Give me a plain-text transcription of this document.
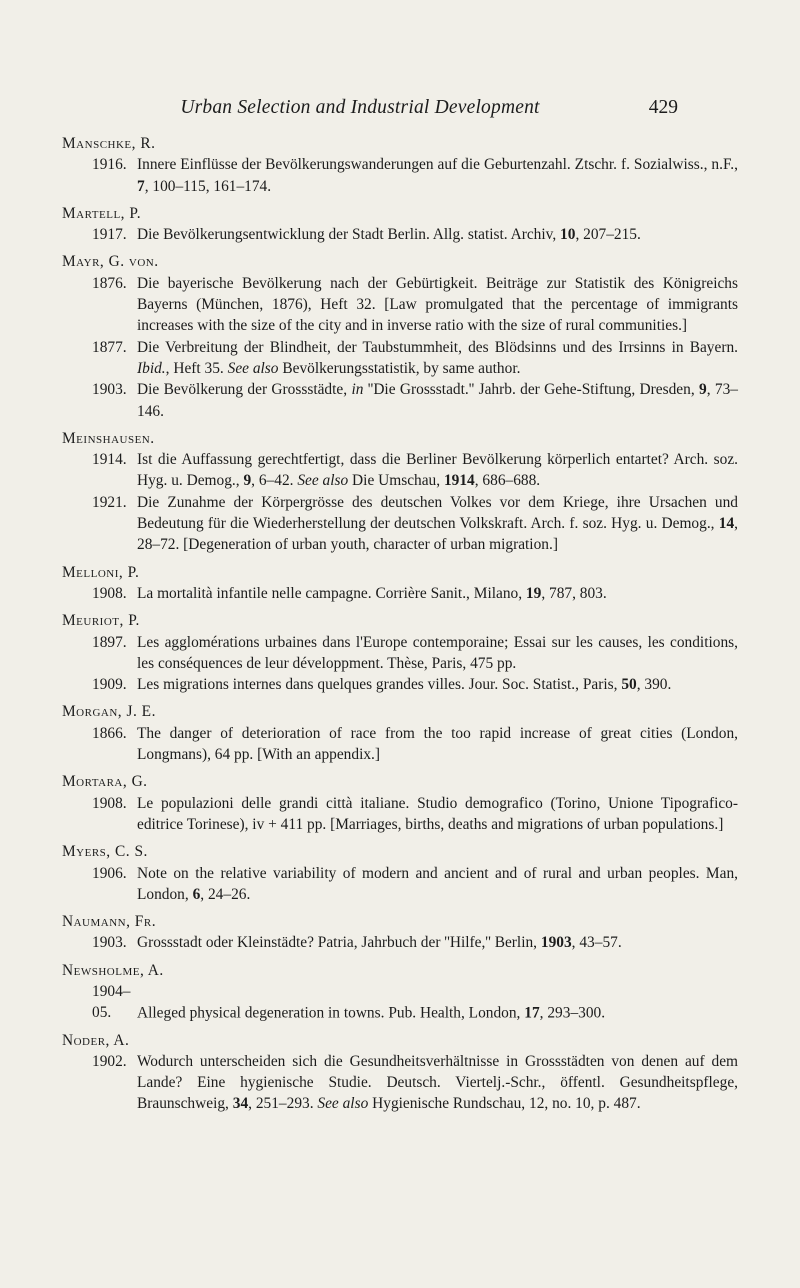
Urban Selection and Industrial Development	429
Manschke, R.
1916. Innere Einflüsse der Bevölkerungswanderungen auf die Geburtenzahl. Ztschr. f. Sozialwiss., n.F., 7, 100–115, 161–174.
Martell, P.
1917. Die Bevölkerungsentwicklung der Stadt Berlin. Allg. statist. Archiv, 10, 207–215.
Mayr, G. von.
1876. Die bayerische Bevölkerung nach der Gebürtigkeit. Beiträge zur Statistik des Königreichs Bayerns (München, 1876), Heft 32. [Law promulgated that the percentage of immigrants increases with the size of the city and in inverse ratio with the size of rural communities.]
1877. Die Verbreitung der Blindheit, der Taubstummheit, des Blödsinns und des Irrsinns in Bayern. Ibid., Heft 35. See also Bevölkerungsstatistik, by same author.
1903. Die Bevölkerung der Grossstädte, in ''Die Grossstadt.'' Jahrb. der Gehe-Stiftung, Dresden, 9, 73–146.
Meinshausen.
1914. Ist die Auffassung gerechtfertigt, dass die Berliner Bevölkerung körperlich entartet? Arch. soz. Hyg. u. Demog., 9, 6–42. See also Die Umschau, 1914, 686–688.
1921. Die Zunahme der Körpergrösse des deutschen Volkes vor dem Kriege, ihre Ursachen und Bedeutung für die Wiederherstellung der deutschen Volkskraft. Arch. f. soz. Hyg. u. Demog., 14, 28–72. [Degeneration of urban youth, character of urban migration.]
Melloni, P.
1908. La mortalità infantile nelle campagne. Corrière Sanit., Milano, 19, 787, 803.
Meuriot, P.
1897. Les agglomérations urbaines dans l'Europe contemporaine; Essai sur les causes, les conditions, les conséquences de leur développment. Thèse, Paris, 475 pp.
1909. Les migrations internes dans quelques grandes villes. Jour. Soc. Statist., Paris, 50, 390.
Morgan, J. E.
1866. The danger of deterioration of race from the too rapid increase of great cities (London, Longmans), 64 pp. [With an appendix.]
Mortara, G.
1908. Le populazioni delle grandi città italiane. Studio demografico (Torino, Unione Tipografico-editrice Torinese), iv + 411 pp. [Marriages, births, deaths and migrations of urban populations.]
Myers, C. S.
1906. Note on the relative variability of modern and ancient and of rural and urban peoples. Man, London, 6, 24–26.
Naumann, Fr.
1903. Grossstadt oder Kleinstädte? Patria, Jahrbuch der ''Hilfe,'' Berlin, 1903, 43–57.
Newsholme, A.
1904–05. Alleged physical degeneration in towns. Pub. Health, London, 17, 293–300.
Noder, A.
1902. Wodurch unterscheiden sich die Gesundheitsverhältnisse in Grossstädten von denen auf dem Lande? Eine hygienische Studie. Deutsch. Viertelj.-Schr., öffentl. Gesundheitspflege, Braunschweig, 34, 251–293. See also Hygienische Rundschau, 12, no. 10, p. 487.
